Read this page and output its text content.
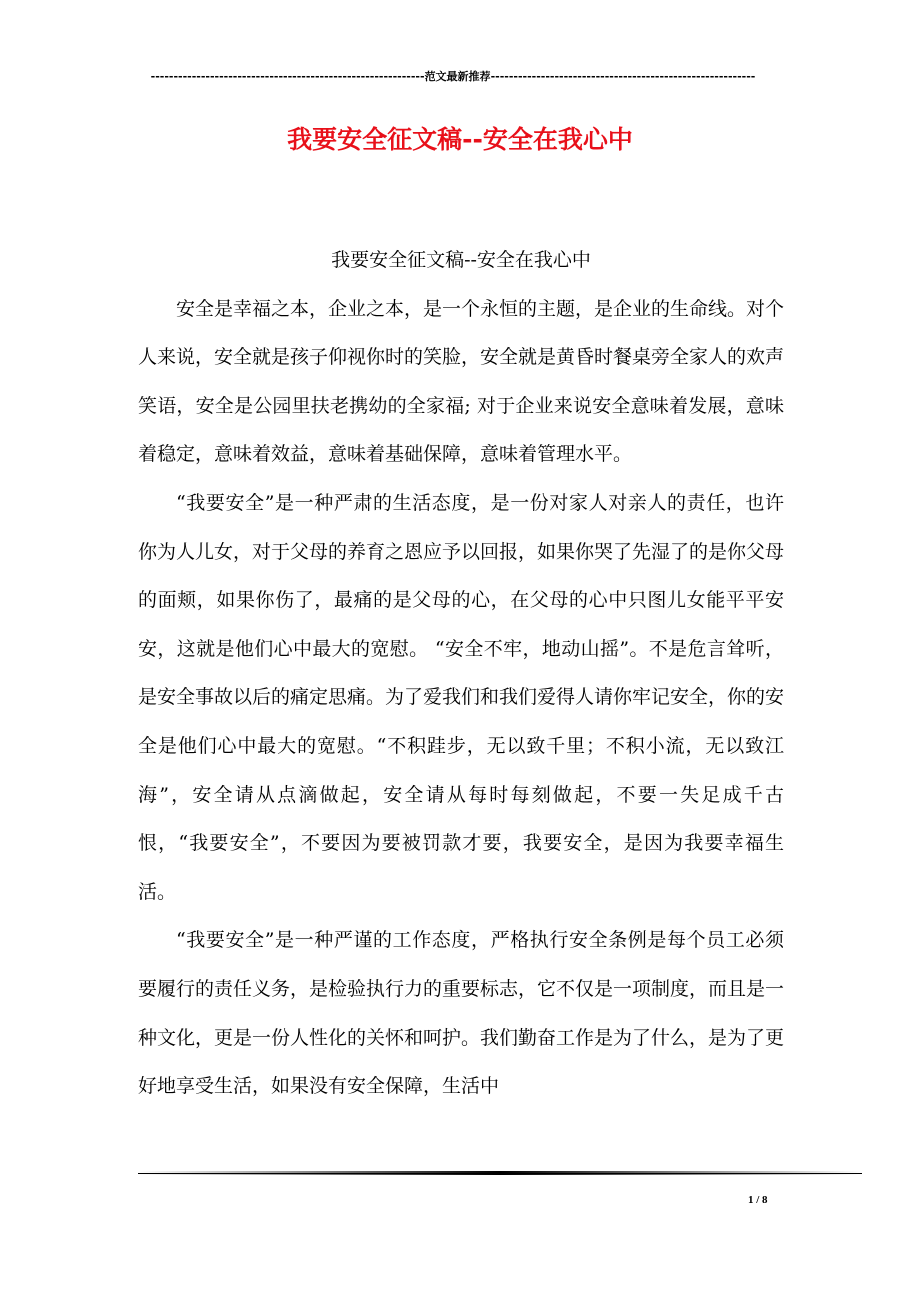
------------------------------------------------------------范文最新推荐----------------------------------------------------------
我要安全征文稿--安全在我心中

我要安全征文稿--安全在我心中

安全是幸福之本，企业之本，是一个永恒的主题，是企业的生命线。对个人来说，安全就是孩子仰视你时的笑脸，安全就是黄昏时餐桌旁全家人的欢声笑语，安全是公园里扶老携幼的全家福; 对于企业来说安全意味着发展，意味着稳定，意味着效益，意味着基础保障，意味着管理水平。

“我要安全”是一种严肃的生活态度，是一份对家人对亲人的责任，也许你为人儿女，对于父母的养育之恩应予以回报，如果你哭了先湿了的是你父母的面颊，如果你伤了，最痛的是父母的心，在父母的心中只图儿女能平平安安，这就是他们心中最大的宽慰。 “安全不牢，地动山摇”。不是危言耸听，是安全事故以后的痛定思痛。为了爱我们和我们爱得人请你牢记安全，你的安全是他们心中最大的宽慰。“不积跬步，无以致千里；不积小流，无以致江海”，安全请从点滴做起，安全请从每时每刻做起，不要一失足成千古恨，“我要安全”，不要因为要被罚款才要，我要安全，是因为我要幸福生活。

“我要安全”是一种严谨的工作态度，严格执行安全条例是每个员工必须要履行的责任义务，是检验执行力的重要标志，它不仅是一项制度，而且是一种文化，更是一份人性化的关怀和呵护。我们勤奋工作是为了什么，是为了更好地享受生活，如果没有安全保障，生活中

1 / 8
